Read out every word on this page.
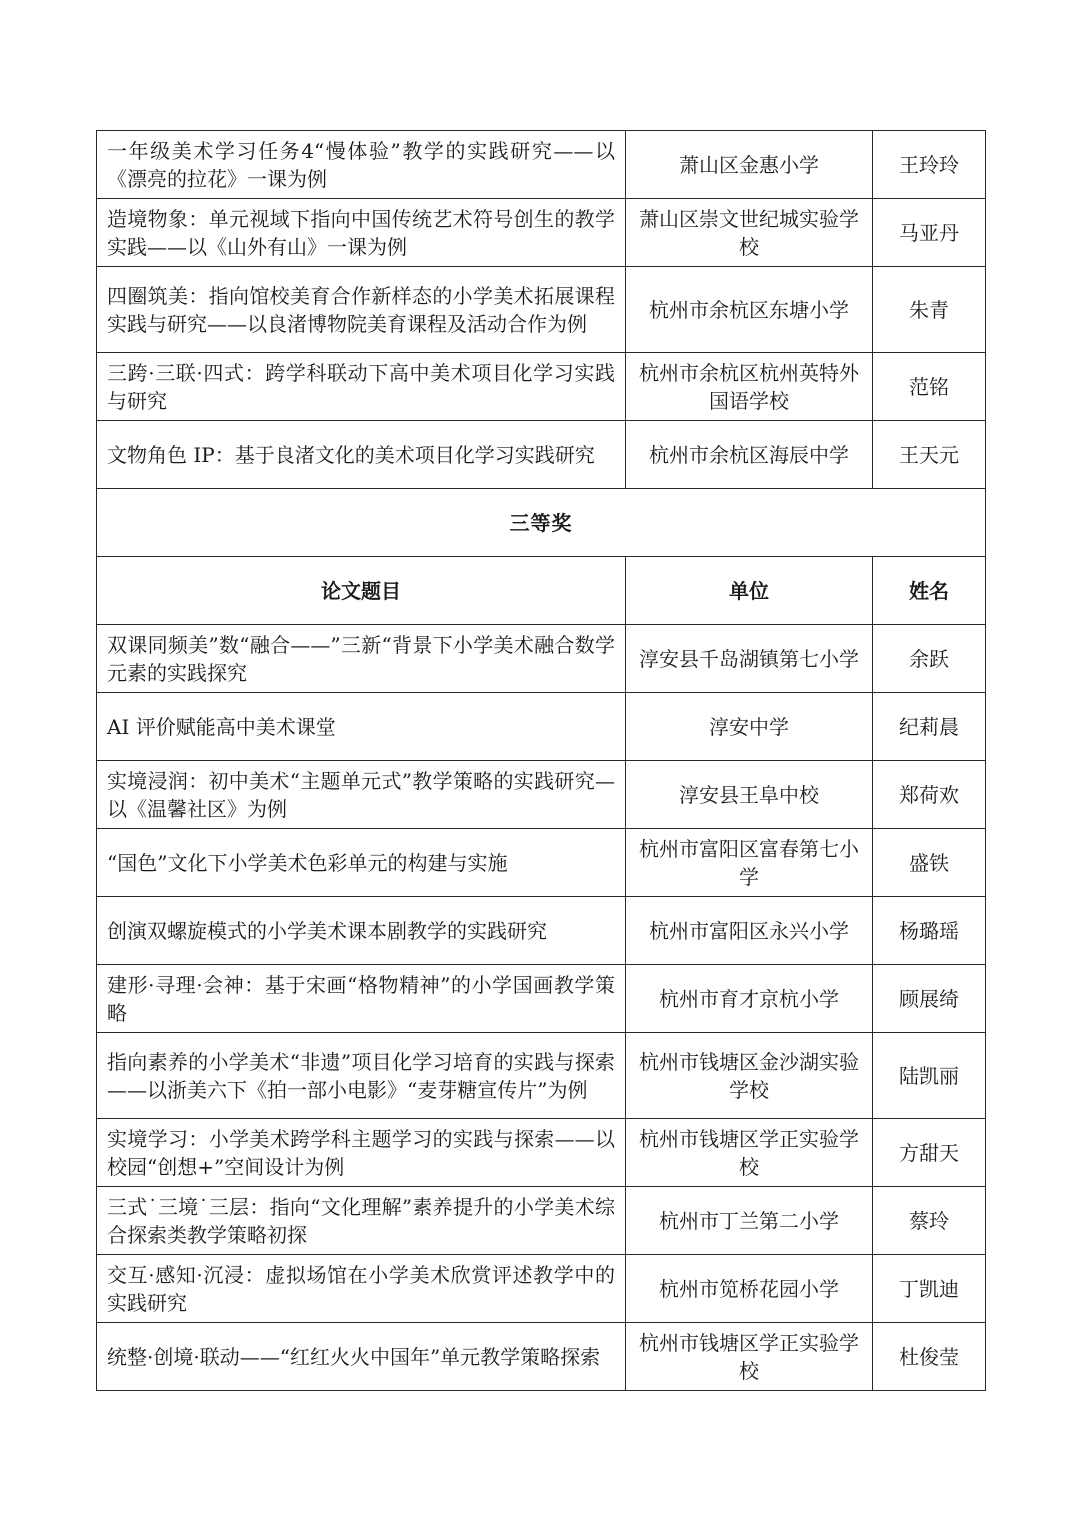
一年级美术学习任务4“慢体验”教学的实践研究——以《漂亮的拉花》一课为例	萧山区金惠小学	王玲玲
造境物象：单元视域下指向中国传统艺术符号创生的教学实践——以《山外有山》一课为例	萧山区崇文世纪城实验学校	马亚丹
四圈筑美：指向馆校美育合作新样态的小学美术拓展课程实践与研究——以良渚博物院美育课程及活动合作为例	杭州市余杭区东塘小学	朱青
三跨·三联·四式：跨学科联动下高中美术项目化学习实践与研究	杭州市余杭区杭州英特外国语学校	范铭
文物角色 IP：基于良渚文化的美术项目化学习实践研究	杭州市余杭区海辰中学	王天元
三等奖		
论文题目	单位	姓名
双课同频美”数“融合——”三新“背景下小学美术融合数学元素的实践探究	淳安县千岛湖镇第七小学	余跃
AI 评价赋能高中美术课堂	淳安中学	纪莉晨
实境浸润：初中美术“主题单元式”教学策略的实践研究—以《温馨社区》为例	淳安县王阜中校	郑荷欢
“国色”文化下小学美术色彩单元的构建与实施	杭州市富阳区富春第七小学	盛铁
创演双螺旋模式的小学美术课本剧教学的实践研究	杭州市富阳区永兴小学	杨璐瑶
建形·寻理·会神：基于宋画“格物精神”的小学国画教学策略	杭州市育才京杭小学	顾展绮
指向素养的小学美术“非遗”项目化学习培育的实践与探索——以浙美六下《拍一部小电影》“麦芽糖宣传片”为例	杭州市钱塘区金沙湖实验学校	陆凯丽
实境学习：小学美术跨学科主题学习的实践与探索——以校园“创想+”空间设计为例	杭州市钱塘区学正实验学校	方甜天
三式˙三境˙三层：指向“文化理解”素养提升的小学美术综合探索类教学策略初探	杭州市丁兰第二小学	蔡玲
交互·感知·沉浸：虚拟场馆在小学美术欣赏评述教学中的实践研究	杭州市笕桥花园小学	丁凯迪
统整·创境·联动——“红红火火中国年”单元教学策略探索	杭州市钱塘区学正实验学校	杜俊莹
